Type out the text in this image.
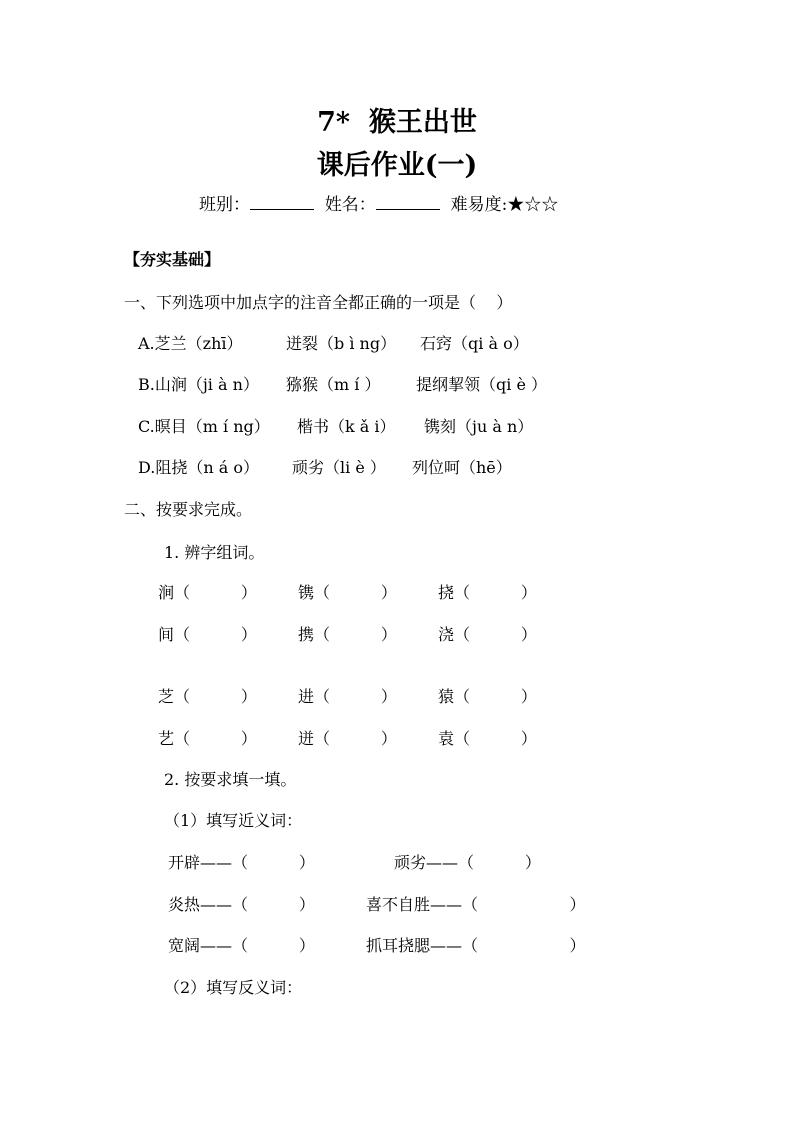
7*  猴王出世
课后作业(一)
班别：	姓名：	难易度:★☆☆
【夯实基础】
一、下列选项中加点字的注音全都正确的一项是（    ）
A.芝兰（zhī）	迸裂（b ì ng） 石窍（qi à o）
B.山涧（ji à n） 猕猴（m í ） 提纲挈领（qi è ）
C.暝目（m í ng） 楷书（k ǎ i） 镌刻（ju à n）
D.阻挠（n á o） 顽劣（li è ） 列位呵（hē）
二、按要求完成。
1. 辨字组词。
涧（          ）	镌（          ）	挠（          ）
间（          ）	携（          ）	浇（          ）
芝（          ）	进（          ）	猿（          ）
艺（          ）	迸（          ）	袁（          ）
2. 按要求填一填。
（1）填写近义词：
开辟——（          ）	顽劣——（          ）
炎热——（          ）	喜不自胜——（                  ）
宽阔——（          ）	抓耳挠腮——（                  ）
（2）填写反义词：
